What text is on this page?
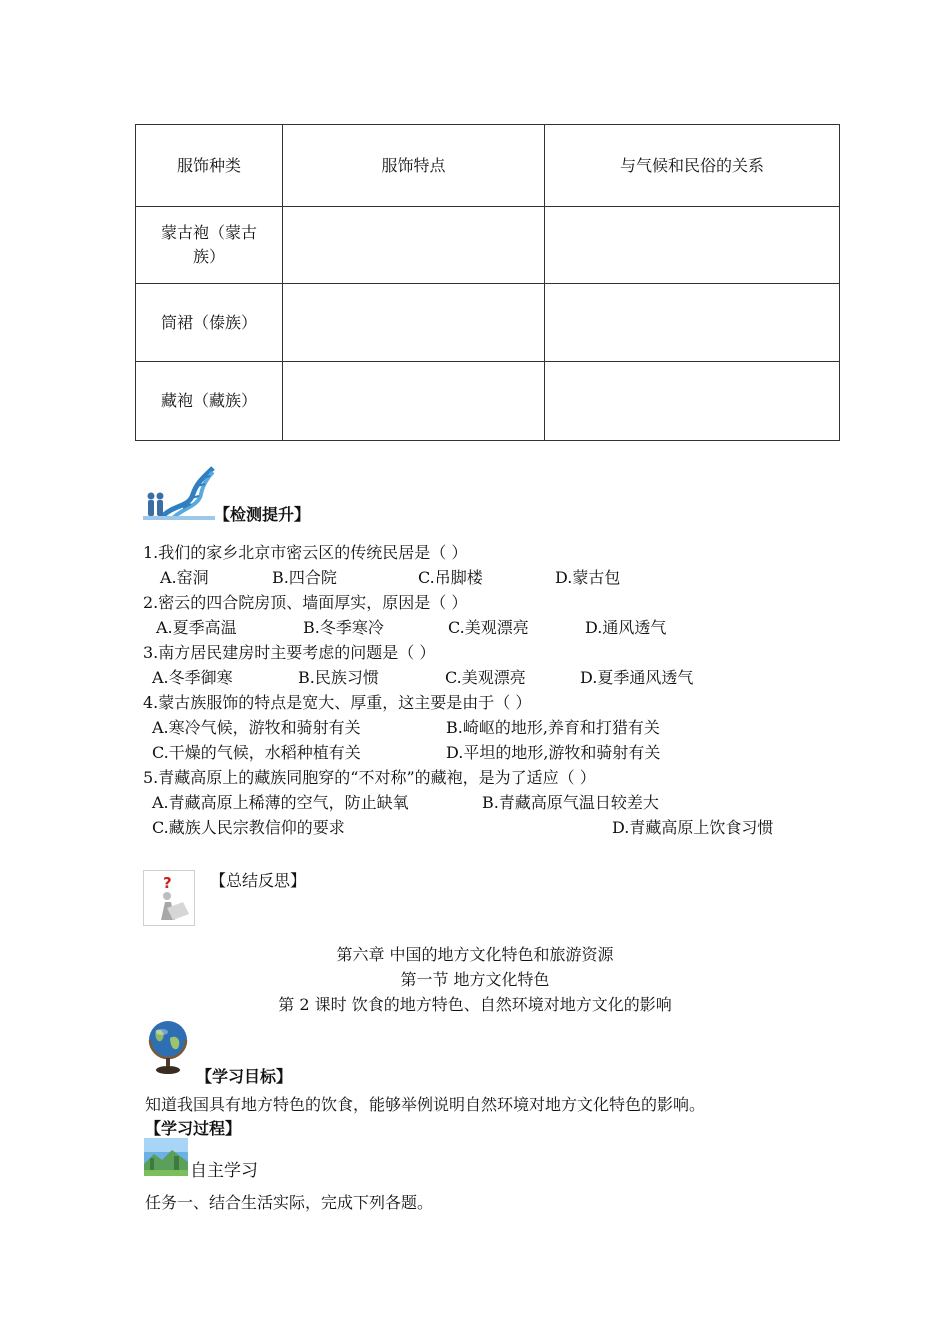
服饰种类	服饰特点	与气候和民俗的关系
蒙古袍（蒙古族）		
筒裙（傣族）		
藏袍（藏族）		
【检测提升】
1.我们的家乡北京市密云区的传统民居是（ ）
A.窑洞	B.四合院	C.吊脚楼	D.蒙古包
2.密云的四合院房顶、墙面厚实，原因是（ ）
A.夏季高温	B.冬季寒冷	C.美观漂亮	D.通风透气
3.南方居民建房时主要考虑的问题是（ ）
A.冬季御寒	B.民族习惯	C.美观漂亮	D.夏季通风透气
4.蒙古族服饰的特点是宽大、厚重，这主要是由于（ ）
A.寒冷气候，游牧和骑射有关	B.崎岖的地形,养育和打猎有关
C.干燥的气候，水稻种植有关	D.平坦的地形,游牧和骑射有关
5.青藏高原上的藏族同胞穿的“不对称”的藏袍，是为了适应（ ）
A.青藏高原上稀薄的空气，防止缺氧	B.青藏高原气温日较差大
C.藏族人民宗教信仰的要求	D.青藏高原上饮食习惯
? 【总结反思】
第六章 中国的地方文化特色和旅游资源
第一节 地方文化特色
第 2 课时 饮食的地方特色、自然环境对地方文化的影响
【学习目标】
知道我国具有地方特色的饮食，能够举例说明自然环境对地方文化特色的影响。
【学习过程】
自主学习
任务一、结合生活实际，完成下列各题。
